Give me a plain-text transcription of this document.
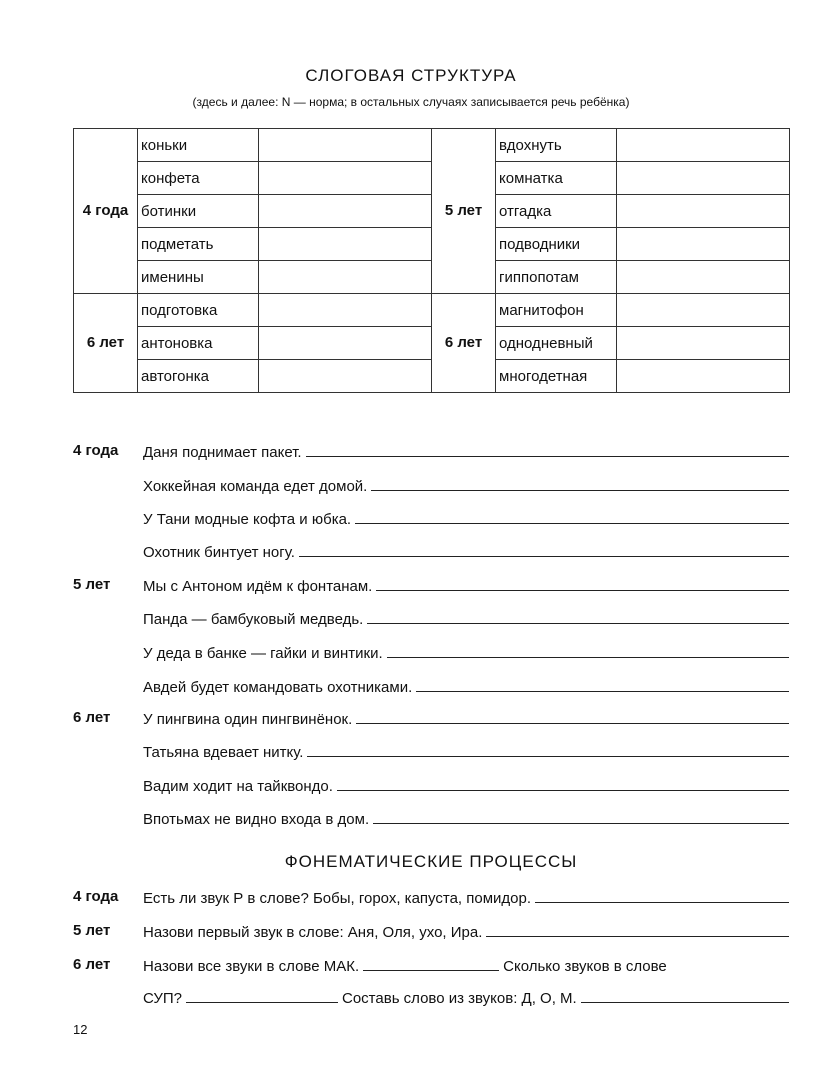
СЛОГОВАЯ СТРУКТУРА
(здесь и далее: N — норма; в остальных случаях записывается речь ребёнка)
4 года	коньки		5 лет	вдохнуть	
	конфета			комнатка	
	ботинки			отгадка	
	подметать			подводники	
	именины			гиппопотам	
6 лет	подготовка		6 лет	магнитофон	
	антоновка			однодневный	
	автогонка			многодетная	
4 года Даня поднимает пакет.
Хоккейная команда едет домой.
У Тани модные кофта и юбка.
Охотник бинтует ногу.
5 лет Мы с Антоном идём к фонтанам.
Панда — бамбуковый медведь.
У деда в банке — гайки и винтики.
Авдей будет командовать охотниками.
6 лет У пингвина один пингвинёнок.
Татьяна вдевает нитку.
Вадим ходит на тайквондо.
Впотьмах не видно входа в дом.
ФОНЕМАТИЧЕСКИЕ ПРОЦЕССЫ
4 года Есть ли звук Р в слове? Бобы, горох, капуста, помидор.
5 лет Назови первый звук в слове: Аня, Оля, ухо, Ира.
6 лет Назови все звуки в слове МАК.	Сколько звуков в слове
СУП?	Составь слово из звуков: Д, О, М.
12
